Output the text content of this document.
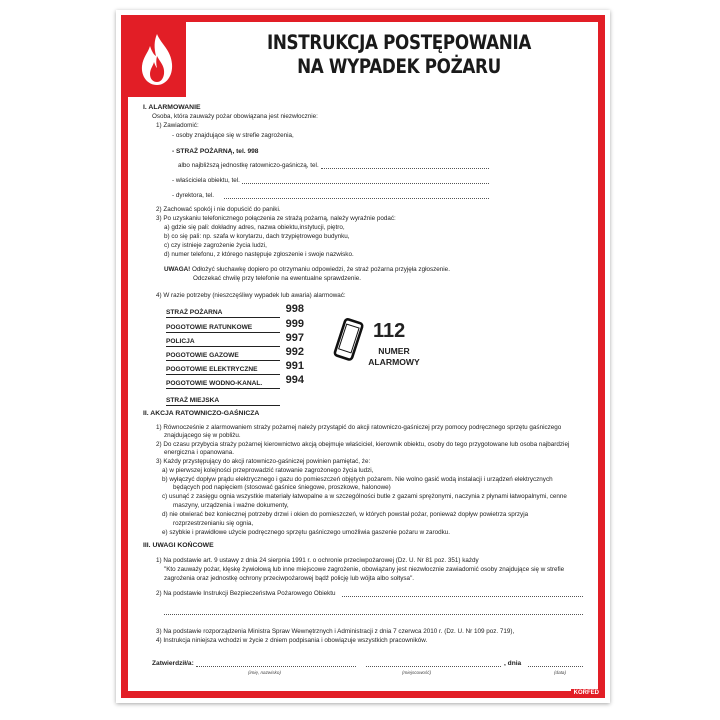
INSTRUKCJA POSTĘPOWANIA
NA WYPADEK POŻARU
I. ALARMOWANIE
Osoba, która zauważy pożar obowiązana jest niezwłocznie:
1) Zawiadomić:
- osoby znajdujące się w strefie zagrożenia,
- STRAŻ POŻARNĄ, tel. 998
albo najbliższą jednostkę ratowniczo-gaśniczą, tel.
- właściciela obiektu, tel.
- dyrektora, tel.
2) Zachować spokój i nie dopuścić do paniki.
3) Po uzyskaniu telefonicznego połączenia ze strażą pożarną, należy wyraźnie podać:
a) gdzie się pali: dokładny adres, nazwa obiektu,instytucji, piętro,
b) co się pali: np. szafa w korytarzu, dach trzypiętrowego budynku,
c) czy istnieje zagrożenie życia ludzi,
d) numer telefonu, z którego następuje zgłoszenie i swoje nazwisko.
UWAGA! Odłożyć słuchawkę dopiero po otrzymaniu odpowiedzi, że straż pożarna przyjęła zgłoszenie.
Odczekać chwilę przy telefonie na ewentualne sprawdzenie.
4) W razie potrzeby (nieszczęśliwy wypadek lub awaria) alarmować:
STRAŻ POŻARNA	998
POGOTOWIE RATUNKOWE	999
POLICJA	997
POGOTOWIE GAZOWE	992
POGOTOWIE ELEKTRYCZNE	991
POGOTOWIE WODNO-KANAL. 994
STRAŻ MIEJSKA
112
NUMER
ALARMOWY
II. AKCJA RATOWNICZO-GAŚNICZA
1) Równocześnie z alarmowaniem straży pożarnej należy przystąpić do akcji ratowniczo-gaśniczej przy pomocy podręcznego sprzętu gaśniczego
znajdującego się w pobliżu.
2) Do czasu przybycia straży pożarnej kierownictwo akcją obejmuje właściciel, kierownik obiektu, osoby do tego przygotowane lub osoba najbardziej
energiczna i opanowana.
3) Każdy przystępujący do akcji ratowniczo-gaśniczej powinien pamiętać, że:
a) w pierwszej kolejności przeprowadzić ratowanie zagrożonego życia ludzi,
b) wyłączyć dopływ prądu elektrycznego i gazu do pomieszczeń objętych pożarem. Nie wolno gasić wodą instalacji i urządzeń elektrycznych
będących pod napięciem (stosować gaśnice śniegowe, proszkowe, halonowe)
c) usunąć z zasięgu ognia wszystkie materiały łatwopalne a w szczególności butle z gazami sprężonymi, naczynia z płynami łatwopalnymi, cenne
maszyny, urządzenia i ważne dokumenty,
d) nie otwierać bez koniecznej potrzeby drzwi i okien do pomieszczeń, w których powstał pożar, ponieważ dopływ powietrza sprzyja
rozprzestrzenianiu się ognia,
e) szybkie i prawidłowe użycie podręcznego sprzętu gaśniczego umożliwia gaszenie pożaru w zarodku.
III. UWAGI KOŃCOWE
1) Na podstawie art. 9 ustawy z dnia 24 sierpnia 1991 r. o ochronie przeciwpożarowej (Dz. U. Nr 81 poz. 351) każdy
"Kto zauważy pożar, klęskę żywiołową lub inne miejscowe zagrożenie, obowiązany jest niezwłocznie zawiadomić osoby znajdujące się w strefie
zagrożenia oraz jednostkę ochrony przeciwpożarowej bądź policję lub wójta albo sołtysa".
2) Na podstawie Instrukcji Bezpieczeństwa Pożarowego Obiektu
3) Na podstawie rozporządzenia Ministra Spraw Wewnętrznych i Administracji z dnia 7 czerwca 2010 r. (Dz. U. Nr 109 poz. 719),
4) Instrukcja niniejsza wchodzi w życie z dniem podpisania i obowiązuje wszystkich pracowników.
Zatwierdził/a:	, dnia
(imię, nazwisko)	(miejscowość)	(data)
KORFED
